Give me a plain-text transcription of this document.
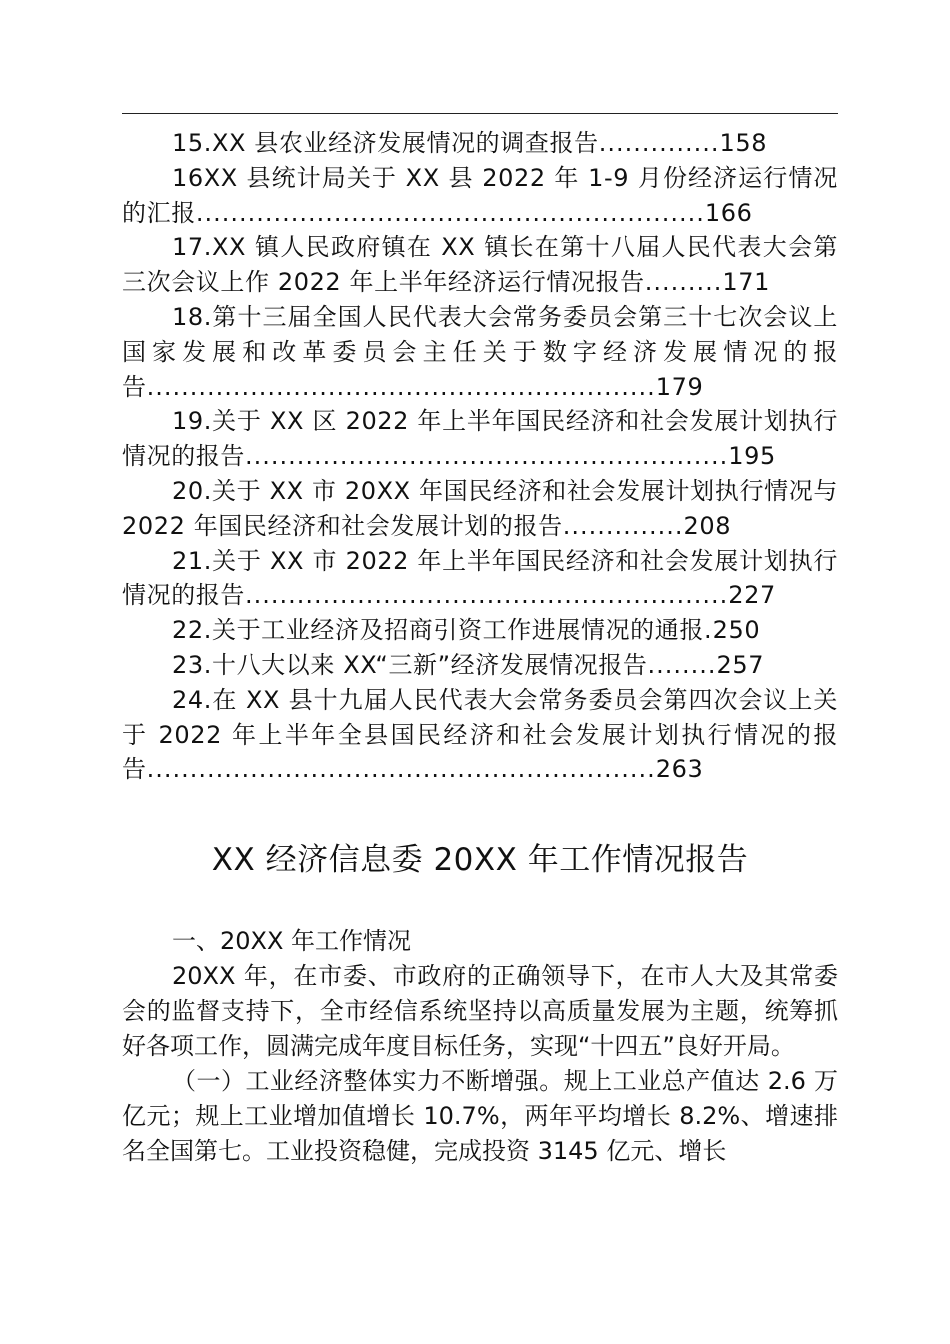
15.XX 县农业经济发展情况的调查报告..............158
16XX 县统计局关于 XX 县 2022 年 1-9 月份经济运行情况的汇报...........................................................166
17.XX 镇人民政府镇在 XX 镇长在第十八届人民代表大会第三次会议上作 2022 年上半年经济运行情况报告.........171
18.第十三届全国人民代表大会常务委员会第三十七次会议上国家发展和改革委员会主任关于数字经济发展情况的报告...........................................................179
19.关于 XX 区 2022 年上半年国民经济和社会发展计划执行情况的报告........................................................195
20.关于 XX 市 20XX 年国民经济和社会发展计划执行情况与 2022 年国民经济和社会发展计划的报告..............208
21.关于 XX 市 2022 年上半年国民经济和社会发展计划执行情况的报告........................................................227
22.关于工业经济及招商引资工作进展情况的通报.250
23.十八大以来 XX“三新”经济发展情况报告........257
24.在 XX 县十九届人民代表大会常务委员会第四次会议上关于 2022 年上半年全县国民经济和社会发展计划执行情况的报告...........................................................263
XX 经济信息委 20XX 年工作情况报告

一、20XX 年工作情况

20XX 年，在市委、市政府的正确领导下，在市人大及其常委会的监督支持下，全市经信系统坚持以高质量发展为主题，统筹抓好各项工作，圆满完成年度目标任务，实现“十四五”良好开局。

（一）工业经济整体实力不断增强。规上工业总产值达 2.6 万亿元；规上工业增加值增长 10.7%，两年平均增长 8.2%、增速排名全国第七。工业投资稳健，完成投资 3145 亿元、增长
